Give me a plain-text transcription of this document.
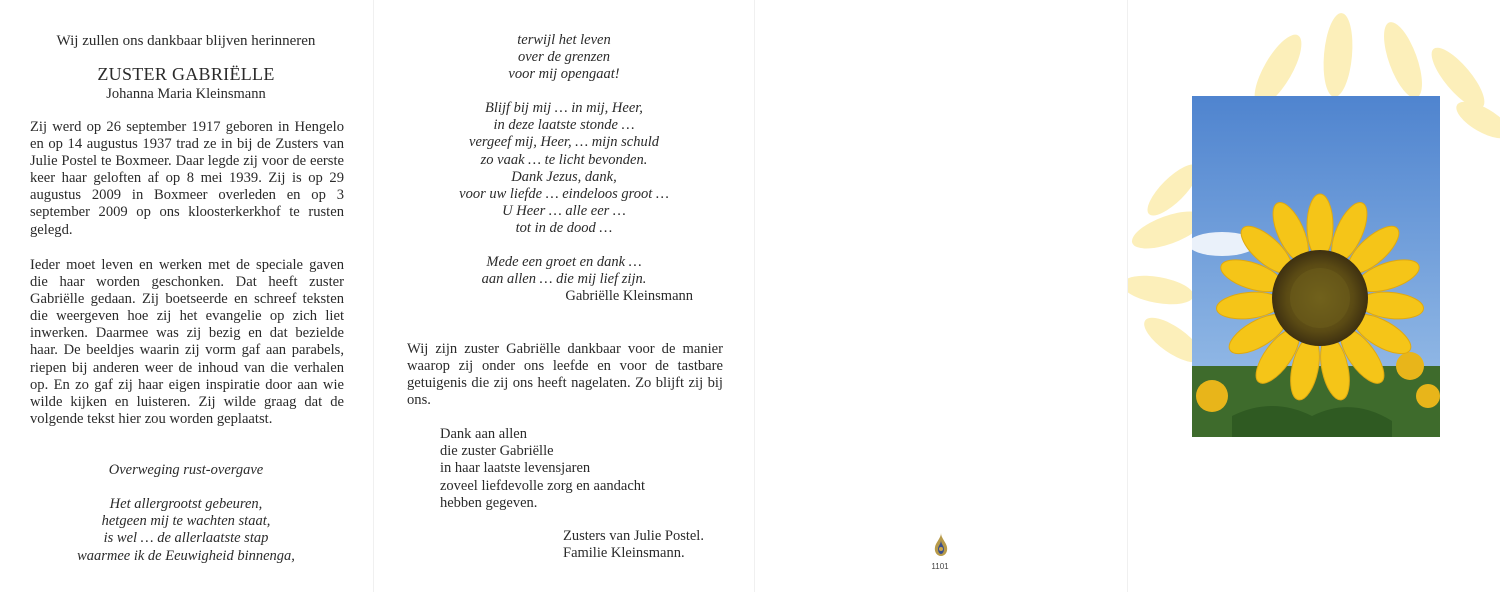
Wij zullen ons dankbaar blijven herinneren
ZUSTER GABRIËLLE
Johanna Maria Kleinsmann
Zij werd op 26 september 1917 geboren in Hengelo en op 14 augustus 1937 trad ze in bij de Zusters van Julie Postel te Boxmeer. Daar legde zij voor de eerste keer haar geloften af op 8 mei 1939. Zij is op 29 augustus 2009 in Boxmeer overleden en op 3 september 2009 op ons kloosterkerkhof te rusten gelegd.
Ieder moet leven en werken met de speciale gaven die haar worden geschonken. Dat heeft zuster Gabriëlle gedaan. Zij boetseerde en schreef teksten die weergeven hoe zij het evangelie op zich liet inwerken. Daarmee was zij bezig en dat bezielde haar. De beeldjes waarin zij vorm gaf aan parabels, riepen bij anderen weer de inhoud van die verhalen op. En zo gaf zij haar eigen inspiratie door aan wie wilde kijken en luisteren. Zij wilde graag dat de volgende tekst hier zou worden geplaatst.
Overweging rust-overgave
Het allergrootst gebeuren,
hetgeen mij te wachten staat,
is wel … de allerlaatste stap
waarmee ik de Eeuwigheid binnenga,
terwijl het leven
over de grenzen
voor mij opengaat!
Blijf bij mij … in mij, Heer,
in deze laatste stonde …
vergeef mij, Heer, … mijn schuld
zo vaak … te licht bevonden.
Dank Jezus, dank,
voor uw liefde … eindeloos groot …
U Heer … alle eer …
tot in de dood …
Mede een groet en dank …
aan allen … die mij lief zijn.
Gabriëlle Kleinsmann
Wij zijn zuster Gabriëlle dankbaar voor de manier waarop zij onder ons leefde en voor de tastbare getuigenis die zij ons heeft nagelaten. Zo blijft zij bij ons.
Dank aan allen
die zuster Gabriëlle
in haar laatste levensjaren
zoveel liefdevolle zorg en aandacht
hebben gegeven.
Zusters van Julie Postel.
Familie Kleinsmann.
1101
